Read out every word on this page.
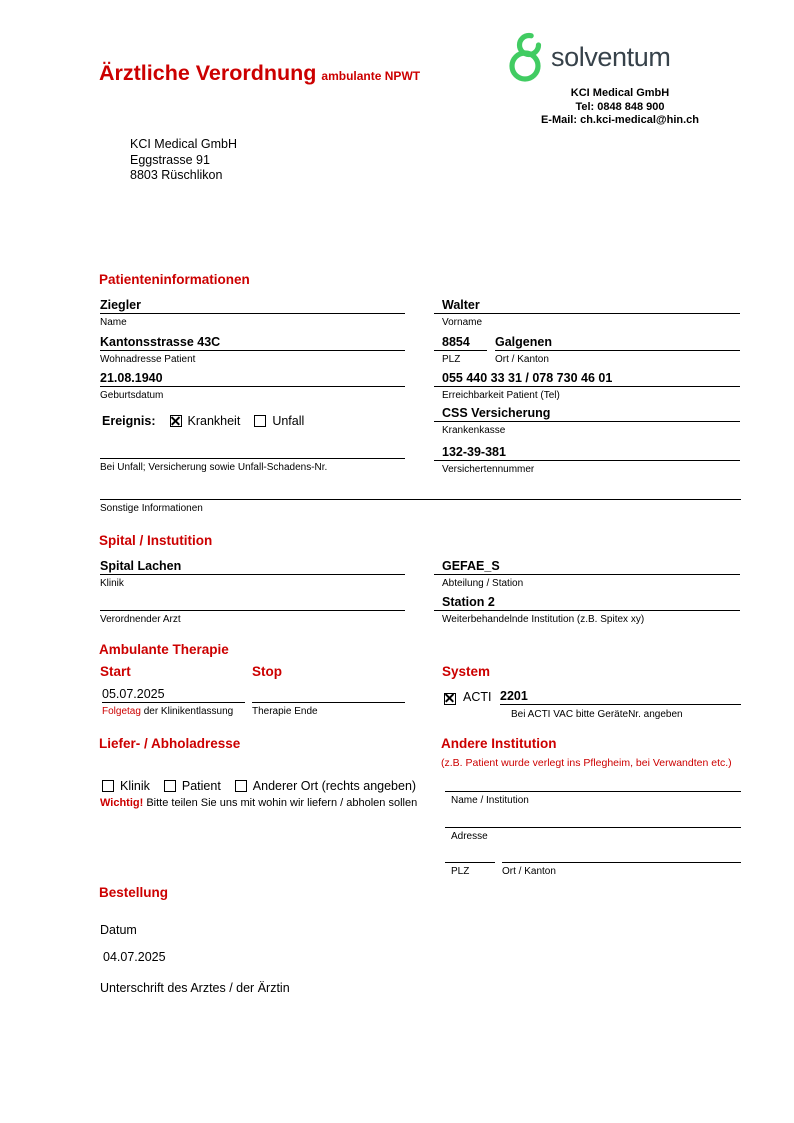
Ärztliche Verordnung ambulante NPWT
solventum
KCI Medical GmbH
Tel: 0848 848 900
E-Mail: ch.kci-medical@hin.ch
KCI Medical GmbH
Eggstrasse 91
8803 Rüschlikon
Patienteninformationen
Ziegler
Name
Walter
Vorname
Kantonsstrasse 43C
Wohnadresse Patient
8854
PLZ
Galgenen
Ort / Kanton
21.08.1940
Geburtsdatum
055 440 33 31 / 078 730 46 01
Erreichbarkeit Patient (Tel)
Ereignis:	Krankheit	Unfall
CSS Versicherung
Krankenkasse
Bei Unfall; Versicherung sowie Unfall-Schadens-Nr.
132-39-381
Versichertennummer
Sonstige Informationen
Spital / Instutition
Spital Lachen
Klinik
GEFAE_S
Abteilung / Station
Verordnender Arzt
Station 2
Weiterbehandelnde Institution (z.B. Spitex xy)
Ambulante Therapie
Start	Stop	System
05.07.2025
Folgetag der Klinikentlassung	Therapie Ende
ACTI 2201
Bei ACTI VAC bitte GeräteNr. angeben
Liefer- / Abholadresse	Andere Institution
(z.B. Patient wurde verlegt ins Pflegheim, bei Verwandten etc.)
Klinik	Patient	Anderer Ort (rechts angeben)
Wichtig! Bitte teilen Sie uns mit wohin wir liefern / abholen sollen	Name / Institution
Adresse
PLZ	Ort / Kanton
Bestellung
Datum
04.07.2025
Unterschrift des Arztes / der Ärztin
